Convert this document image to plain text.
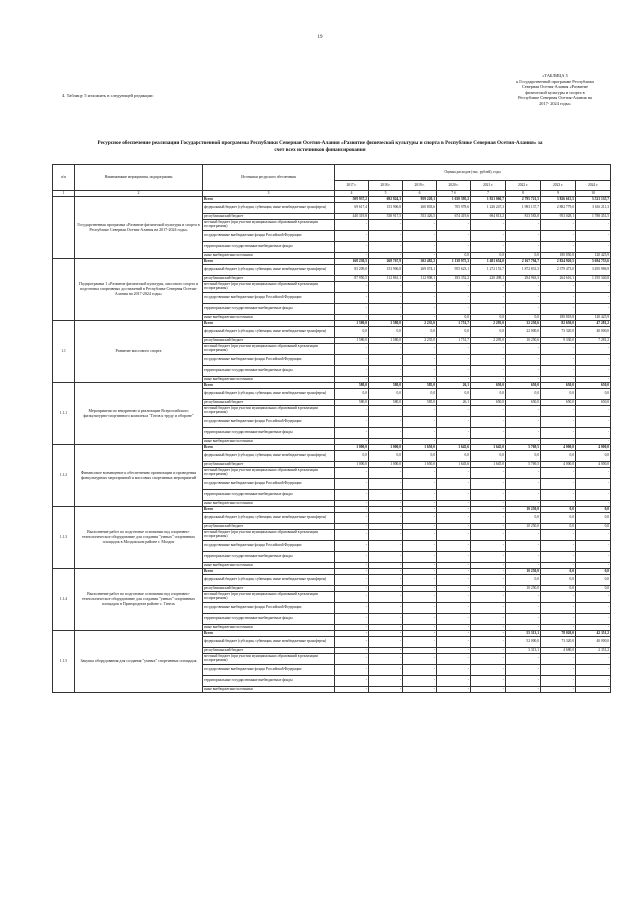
19
4. Таблицу 5 изложить в следующей редакции:
«ТАБЛИЦА 5
к Государственной программе Республики
Северная Осетия-Алания «Развитие
физической культуры и спорта в
Республике Северная Осетия-Алания на
2017- 2024 годы»
Ресурсное обеспечение реализации Государственной программы Республики Северная Осетия-Алания «Развитие физической культуры и спорта в Республике Северная Осетия-Алания» за счет всех источников финансирования
п/п	Наименование мероприятия, подпрограммы	Источники ресурсного обеспечения	Оценка расходов (тыс. рублей), годы							
			2017 г.	2018 г.	2019 г.	2020 г.	2021 г.	2022 г.	2023 г.	2024 г.
1	2	3	4	5	6	7 б	7	8	9	10
	Государственная программа «Развитие физической культуры и спорта в Республике Северная Осетия-Алания на 2017-2024 годы»	Всего	509 937,2	692 824,3	959 220,1	1 630 395,2	1 921 060,7	2 795 721,5	3 826 615,5	5 521 135,7
		федеральный бюджет (субсидии, субвенции, иные межбюджетные трансферты)	69 617,4	153 906,8	260 803,6	705 978,6	1 226 247,3	1 983 137,7	2 882 779,0	3 616 211,3
		республиканский бюджет	440 319,8	538 917,5	553 426,5	674 419,6	694 813,2	813 583,8	953 028,1	1 788 451,5
		местный бюджет (при участии муниципальных образований в реализации госпрограммы)	-	-	-	-	-	-	-	-
		государственные внебюджетные фонды Российской Федерации	-	-	-	-	-	-	-	-
		территориальные государственные внебюджетные фонды	-	-	-	-	-	-	-	-
		иные внебюджетные источники	-	-	-	0,0	0,0	0,0	180 850,8	120 425,9
	Подпрограмма 1 «Развитие физической культуры, массового спорта и подготовка спортивных достижений в Республике Северная Осетия-Алания на 2017-2024 годы»	Всего	168 230,5	268 767,9	302 482,2	1 138 975,3	1 481 654,0	2 167 794,7	2 824 920,5	5 694 753,6
		федеральный бюджет (субсидии, субвенции, иные межбюджетные трансферты)	83 209,0	153 906,8	269 074,1	955 623,1	1 272 153,7	1 872 831,3	2 379 473,0	3 495 986,9
		республиканский бюджет	87 950,5	112 861,1	112 908,1	183 352,2	220 498,1	294 963,3	264 616,1	1 195 340,8
		местный бюджет (при участии муниципальных образований в реализации госпрограммы)	-	-	-	-	-	-	-	-
		государственные внебюджетные фонды Российской Федерации	-	-	-	-	-	-	-	-
		территориальные государственные внебюджетные фонды	-	-	-	-	-	-	-	-
		иные внебюджетные источники	-	-	-	0,0	0,0	0,0	180 818,8	120 425,9
1.1	Развитие массового спорта	Всего	1 580,0	1 580,0	2 235,0	1 751,7	2 295,0	32 250,6	82 650,0	47 281,2
		федеральный бюджет (субсидии, субвенции, иные межбюджетные трансферты)	0,0	0,0	0,0	0,0	0,0	22 000,0	73 320,0	40 000,0
		республиканский бюджет	1 580,0	1 580,0	2 235,0	1 751,7	2 295,0	10 250,6	9 330,0	7 281,2
		местный бюджет (при участии муниципальных образований в реализации госпрограммы)	-	-	-	-	-	-	-	-
		государственные внебюджетные фонды Российской Федерации	-	-	-	-	-	-	-	-
		территориальные государственные внебюджетные фонды	-	-	-	-	-	-	-	-
		иные внебюджетные источники	-	-	-	-	-	-	-	-
1.1.1	Мероприятия по внедрению и реализации Всероссийского физкультурно-спортивного комплекса "Готов к труду и обороне"	Всего	580,0	580,0	585,0	26,1	650,0	650,0	650,0	650,0
		федеральный бюджет (субсидии, субвенции, иные межбюджетные трансферты)	0,0	0,0	0,0	0,0	0,0	0,0	0,0	0,0
		республиканский бюджет	580,0	580,0	585,0	26,1	650,0	650,0	650,0	650,0
		местный бюджет (при участии муниципальных образований в реализации госпрограммы)	-	-	-	-	-	-	-	-
		государственные внебюджетные фонды Российской Федерации	-	-	-	-	-	-	-	-
		территориальные государственные внебюджетные фонды	-	-	-	-	-	-	-	-
		иные внебюджетные источники	-	-	-	-	-	-	-	-
1.1.2	Финансовое возмещение к обеспечению организации и проведения физкультурных мероприятий и массовых спортивных мероприятий	Всего	1 000,0	1 000,0	1 650,0	1 645,6	1 645,0	5 769,5	4 000,0	4 000,0
		федеральный бюджет (субсидии, субвенции, иные межбюджетные трансферты)	0,0	0,0	0,0	0,0	0,0	0,0	0,0	0,0
		республиканский бюджет	1 000,0	1 000,0	1 650,0	1 645,6	1 645,0	5 769,5	4 000,0	4 000,0
		местный бюджет (при участии муниципальных образований в реализации госпрограммы)	-	-	-	-	-	-	-	-
		государственные внебюджетные фонды Российской Федерации	-	-	-	-	-	-	-	-
		территориальные государственные внебюджетные фонды	-	-	-	-	-	-	-	-
		иные внебюджетные источники	-	-	-	-	-	-	-	-
1.1.3	Выполнение работ по подготовке основания под спортивно-технологическое оборудование для создания "умных" спортивных площадок в Моздокском районе г. Моздок	Всего	-	-	-	-	-	10 250,0	0,0	0,0
		федеральный бюджет (субсидии, субвенции, иные межбюджетные трансферты)	-	-	-	-	-	0,0	0,0	0,0
		республиканский бюджет	-	-	-	-	-	10 250,0	0,0	0,0
		местный бюджет (при участии муниципальных образований в реализации госпрограммы)	-	-	-	-	-	-	-	-
		государственные внебюджетные фонды Российской Федерации	-	-	-	-	-	-	-	-
		территориальные государственные внебюджетные фонды	-	-	-	-	-	-	-	-
		иные внебюджетные источники	-	-	-	-	-	-	-	-
1.1.4	Выполнение работ по подготовке основания под спортивно-технологическое оборудование для создания "умных" спортивных площадок в Пригородном районе с. Гизель	Всего	-	-	-	-	-	10 250,0	0,0	0,0
		федеральный бюджет (субсидии, субвенции, иные межбюджетные трансферты)	-	-	-	-	-	0,0	0,0	0,0
		республиканский бюджет	-	-	-	-	-	10 250,0	0,0	0,0
		местный бюджет (при участии муниципальных образований в реализации госпрограммы)	-	-	-	-	-	-	-	-
		государственные внебюджетные фонды Российской Федерации	-	-	-	-	-	-	-	-
		территориальные государственные внебюджетные фонды	-	-	-	-	-	-	-	-
		иные внебюджетные источники	-	-	-	-	-	-	-	-
1.1.5	Закупка оборудования для создания "умных" спортивных площадок	Всего	-	-	-	-	-	55 313,1	78 020,0	42 351,2
		федеральный бюджет (субсидии, субвенции, иные межбюджетные трансферты)	-	-	-	-	-	52 000,0	73 320,0	40 000,0
		республиканский бюджет	-	-	-	-	-	3 313,1	4 680,0	2 351,2
		местный бюджет (при участии муниципальных образований в реализации госпрограммы)	-	-	-	-	-	-	-	-
		государственные внебюджетные фонды Российской Федерации	-	-	-	-	-	-	-	-
		территориальные государственные внебюджетные фонды	-	-	-	-	-	-	-	-
		иные внебюджетные источники	-	-	-	-	-	-	-	-
